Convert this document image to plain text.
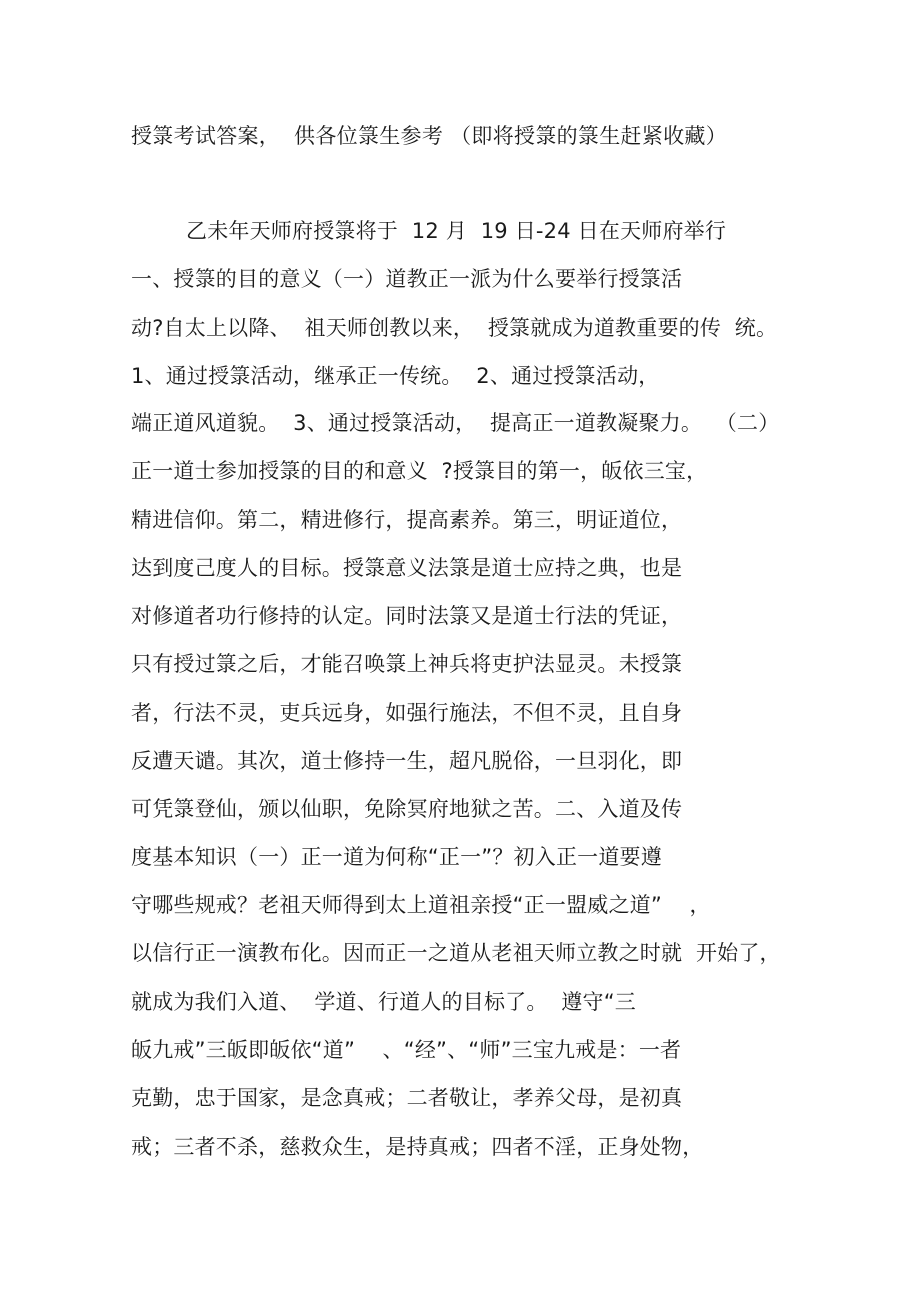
授箓考试答案，  供各位箓生参考 （即将授箓的箓生赶紧收藏）
乙未年天师府授箓将于  12 月  19 日-24 日在天师府举行
一、授箓的目的意义（一）道教正一派为什么要举行授箓活
动?自太上以降、  祖天师创教以来，  授箓就成为道教重要的传  统。
1、通过授箓活动，继承正一传统。  2、通过授箓活动，
端正道风道貌。  3、通过授箓活动，  提高正一道教凝聚力。  （二）
正一道士参加授箓的目的和意义  ?授箓目的第一，皈依三宝，
精进信仰。第二，精进修行，提高素养。第三，明证道位，
达到度己度人的目标。授箓意义法箓是道士应持之典，也是
对修道者功行修持的认定。同时法箓又是道士行法的凭证，
只有授过箓之后，才能召唤箓上神兵将吏护法显灵。未授箓
者，行法不灵，吏兵远身，如强行施法，不但不灵，且自身
反遭天谴。其次，道士修持一生，超凡脱俗，一旦羽化，即
可凭箓登仙，颁以仙职，免除冥府地狱之苦。二、入道及传
度基本知识（一）正一道为何称“正一”？初入正一道要遵
守哪些规戒？老祖天师得到太上道祖亲授“正一盟威之道”    ，
以信行正一演教布化。因而正一之道从老祖天师立教之时就  开始了，
就成为我们入道、  学道、行道人的目标了。  遵守“三
皈九戒”三皈即皈依“道”    、“经”、“师”三宝九戒是：一者
克勤，忠于国家，是念真戒；二者敬让，孝养父母，是初真
戒；三者不杀，慈救众生，是持真戒；四者不淫，正身处物，
